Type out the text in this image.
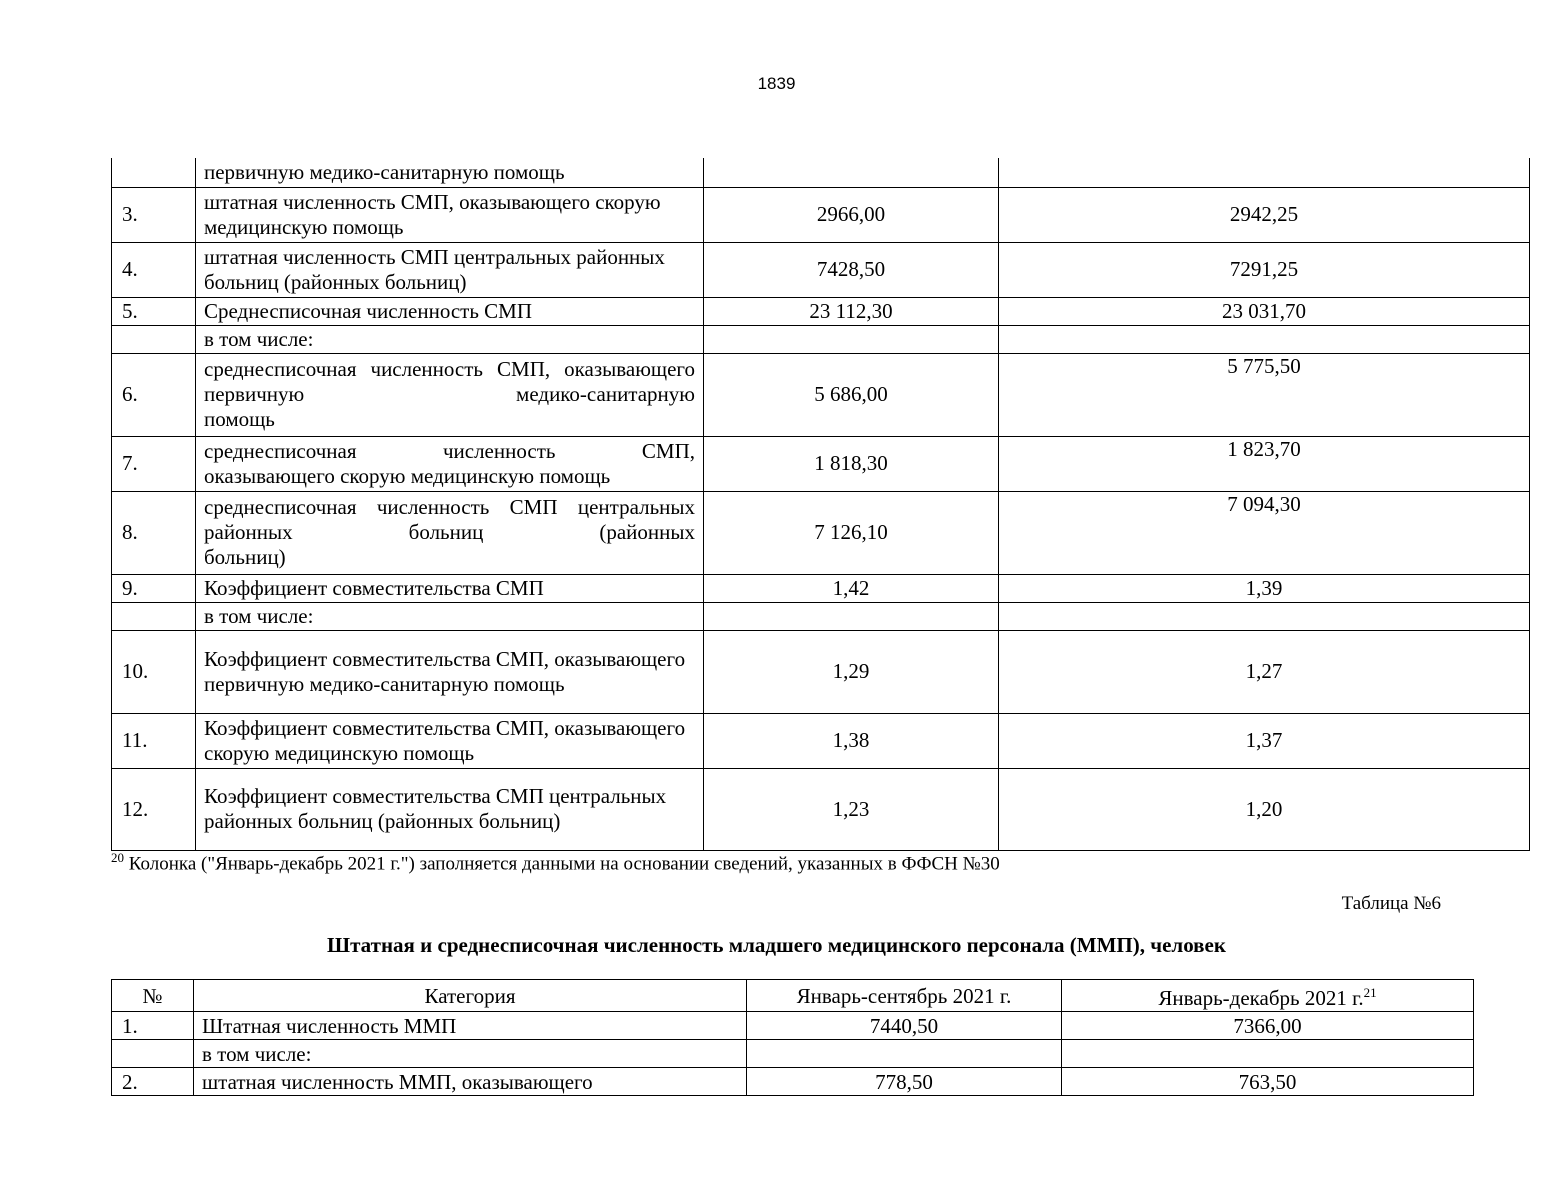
1839
	первичную медико-санитарную помощь		
3.	штатная численность СМП, оказывающего скорую медицинскую помощь	2966,00	2942,25
4.	штатная численность СМП центральных районных больниц (районных больниц)	7428,50	7291,25
5.	Среднесписочная численность СМП	23 112,30	23 031,70
	в том числе:		
6.	среднесписочная численность СМП, оказывающего первичную медико-санитарную
помощь	5 686,00	5 775,50
7.	среднесписочная численность СМП,
оказывающего скорую медицинскую помощь	1 818,30	1 823,70
8.	среднесписочная численность СМП центральных районных больниц (районных
больниц)	7 126,10	7 094,30
9.	Коэффициент совместительства СМП	1,42	1,39
	в том числе:		
10.	Коэффициент совместительства СМП, оказывающего первичную медико-санитарную помощь	1,29	1,27
11.	Коэффициент совместительства СМП, оказывающего скорую медицинскую помощь	1,38	1,37
12.	Коэффициент совместительства СМП центральных районных больниц (районных больниц)	1,23	1,20
$^{20}$ Колонка ("Январь-декабрь 2021 г.") заполняется данными на основании сведений, указанных в ФФСН №30
Таблица №6
Штатная и среднесписочная численность младшего медицинского персонала (ММП), человек
№	Категория	Январь-сентябрь 2021 г.	Январь-декабрь 2021 г.$^{21}$
1.	Штатная численность ММП	7440,50	7366,00
	в том числе:		
2.	штатная численность ММП, оказывающего	778,50	763,50
